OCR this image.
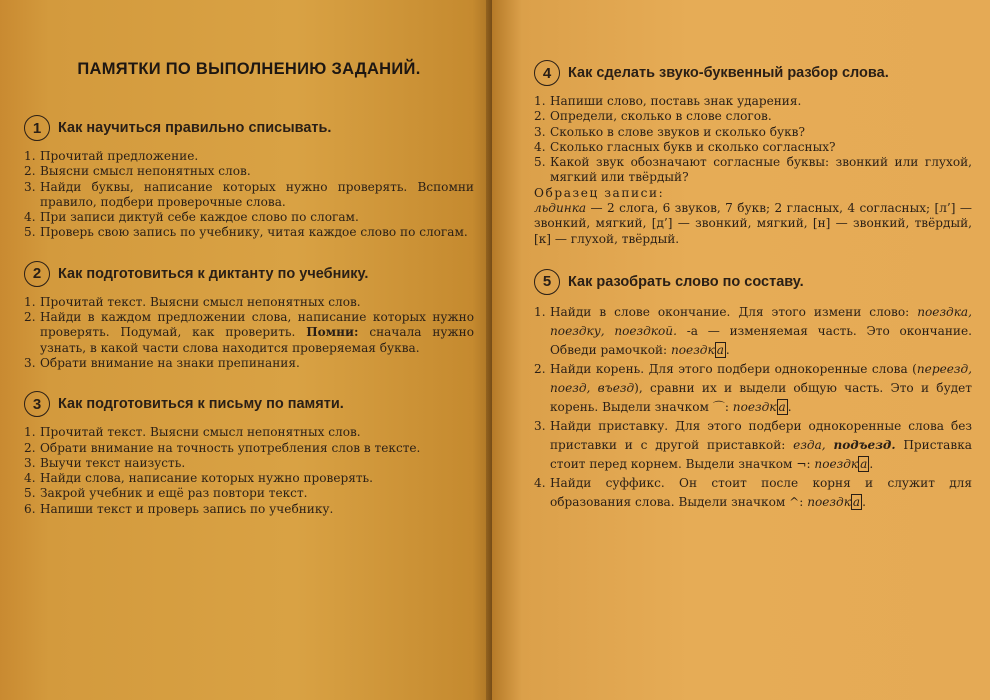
ПАМЯТКИ ПО ВЫПОЛНЕНИЮ ЗАДАНИЙ.
1	Как научиться правильно списывать.
1. Прочитай предложение.
2. Выясни смысл непонятных слов.
3. Найди буквы, написание которых нужно проверять. Вспомни правило, подбери проверочные слова.
4. При записи диктуй себе каждое слово по слогам.
5. Проверь свою запись по учебнику, читая каждое слово по слогам.
2	Как подготовиться к диктанту по учебнику.
1. Прочитай текст. Выясни смысл непонятных слов.
2. Найди в каждом предложении слова, написание которых нужно проверять. Подумай, как проверить. Помни: сначала нужно узнать, в какой части слова находится проверяемая буква.
3. Обрати внимание на знаки препинания.
3	Как подготовиться к письму по памяти.
1. Прочитай текст. Выясни смысл непонятных слов.
2. Обрати внимание на точность употребления слов в тексте.
3. Выучи текст наизусть.
4. Найди слова, написание которых нужно проверять.
5. Закрой учебник и ещё раз повтори текст.
6. Напиши текст и проверь запись по учебнику.
4	Как сделать звуко-буквенный разбор слова.
1. Напиши слово, поставь знак ударения.
2. Определи, сколько в слове слогов.
3. Сколько в слове звуков и сколько букв?
4. Сколько гласных букв и сколько согласных?
5. Какой звук обозначают согласные буквы: звонкий или глухой, мягкий или твёрдый?
Образец записи:
льдинка — 2 слога, 6 звуков, 7 букв; 2 гласных, 4 согласных; [л’] — звонкий, мягкий, [д’] — звонкий, мягкий, [н] — звонкий, твёрдый, [к] — глухой, твёрдый.
5	Как разобрать слово по составу.
1. Найди в слове окончание. Для этого измени слово: поездка, поездку, поездкой. -а — изменяемая часть. Это окончание. Обведи рамочкой: поездк а .
2. Найди корень. Для этого подбери однокоренные слова (переезд, поезд, въезд), сравни их и выдели общую часть. Это и будет корень. Выдели значком ⌒: поездк а .
3. Найди приставку. Для этого подбери однокоренные слова без приставки и с другой приставкой: езда, подъезд. Приставка стоит перед корнем. Выдели значком ¬: поездк а .
4. Найди суффикс. Он стоит после корня и служит для образования слова. Выдели значком ^: поездк а .
